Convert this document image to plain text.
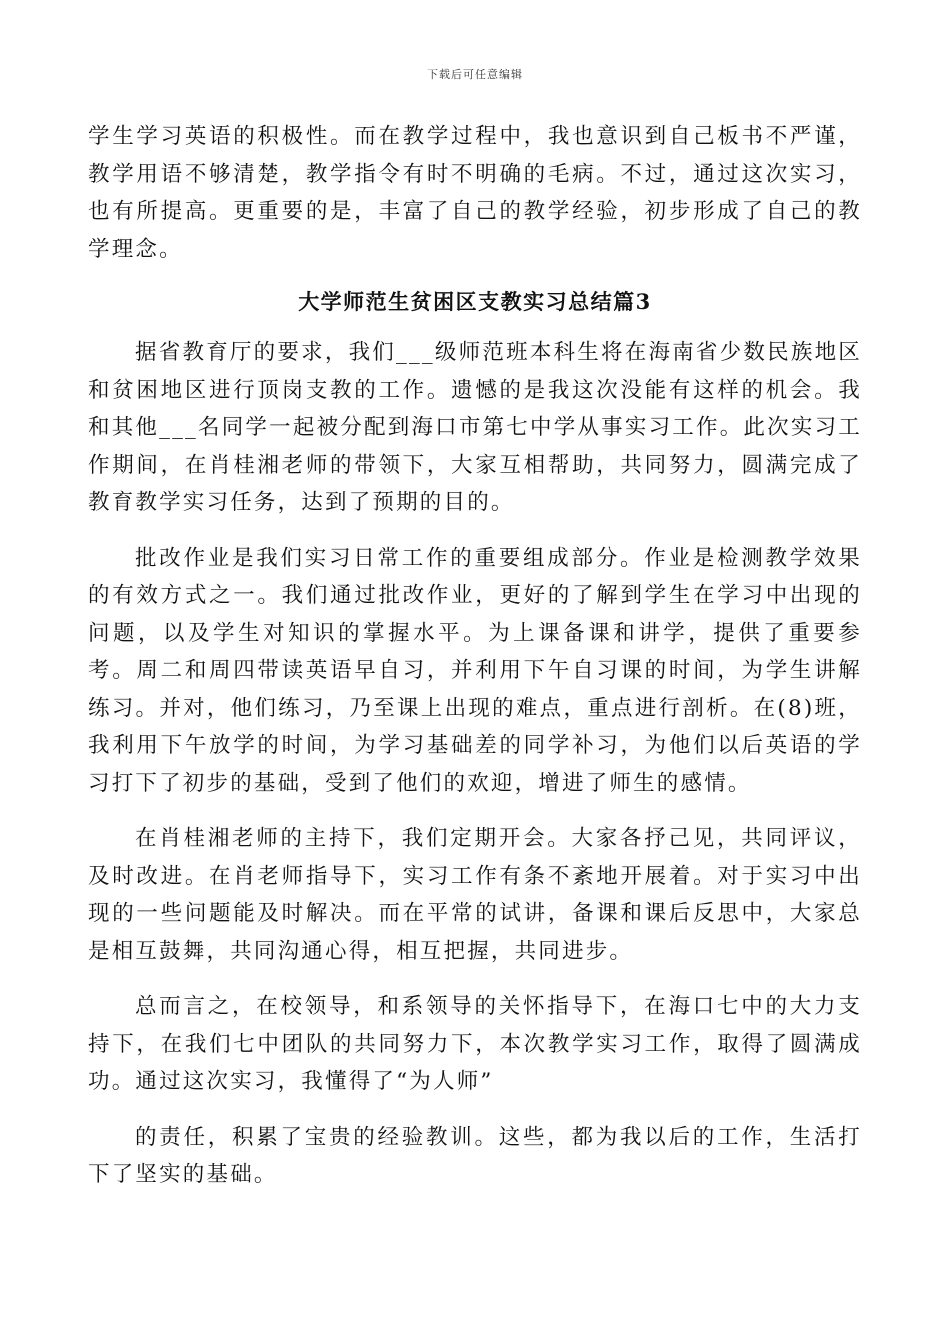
下载后可任意编辑

学生学习英语的积极性。而在教学过程中，我也意识到自己板书不严谨，教学用语不够清楚，教学指令有时不明确的毛病。不过，通过这次实习，也有所提高。更重要的是，丰富了自己的教学经验，初步形成了自己的教学理念。

大学师范生贫困区支教实习总结篇3

据省教育厅的要求，我们___级师范班本科生将在海南省少数民族地区和贫困地区进行顶岗支教的工作。遗憾的是我这次没能有这样的机会。我和其他___名同学一起被分配到海口市第七中学从事实习工作。此次实习工作期间，在肖桂湘老师的带领下，大家互相帮助，共同努力，圆满完成了教育教学实习任务，达到了预期的目的。

批改作业是我们实习日常工作的重要组成部分。作业是检测教学效果的有效方式之一。我们通过批改作业，更好的了解到学生在学习中出现的问题，以及学生对知识的掌握水平。为上课备课和讲学，提供了重要参考。周二和周四带读英语早自习，并利用下午自习课的时间，为学生讲解练习。并对，他们练习，乃至课上出现的难点，重点进行剖析。在(8)班，我利用下午放学的时间，为学习基础差的同学补习，为他们以后英语的学习打下了初步的基础，受到了他们的欢迎，增进了师生的感情。

在肖桂湘老师的主持下，我们定期开会。大家各抒己见，共同评议，及时改进。在肖老师指导下，实习工作有条不紊地开展着。对于实习中出现的一些问题能及时解决。而在平常的试讲，备课和课后反思中，大家总是相互鼓舞，共同沟通心得，相互把握，共同进步。

总而言之，在校领导，和系领导的关怀指导下，在海口七中的大力支持下，在我们七中团队的共同努力下，本次教学实习工作，取得了圆满成功。通过这次实习，我懂得了“为人师”

的责任，积累了宝贵的经验教训。这些，都为我以后的工作，生活打下了坚实的基础。
